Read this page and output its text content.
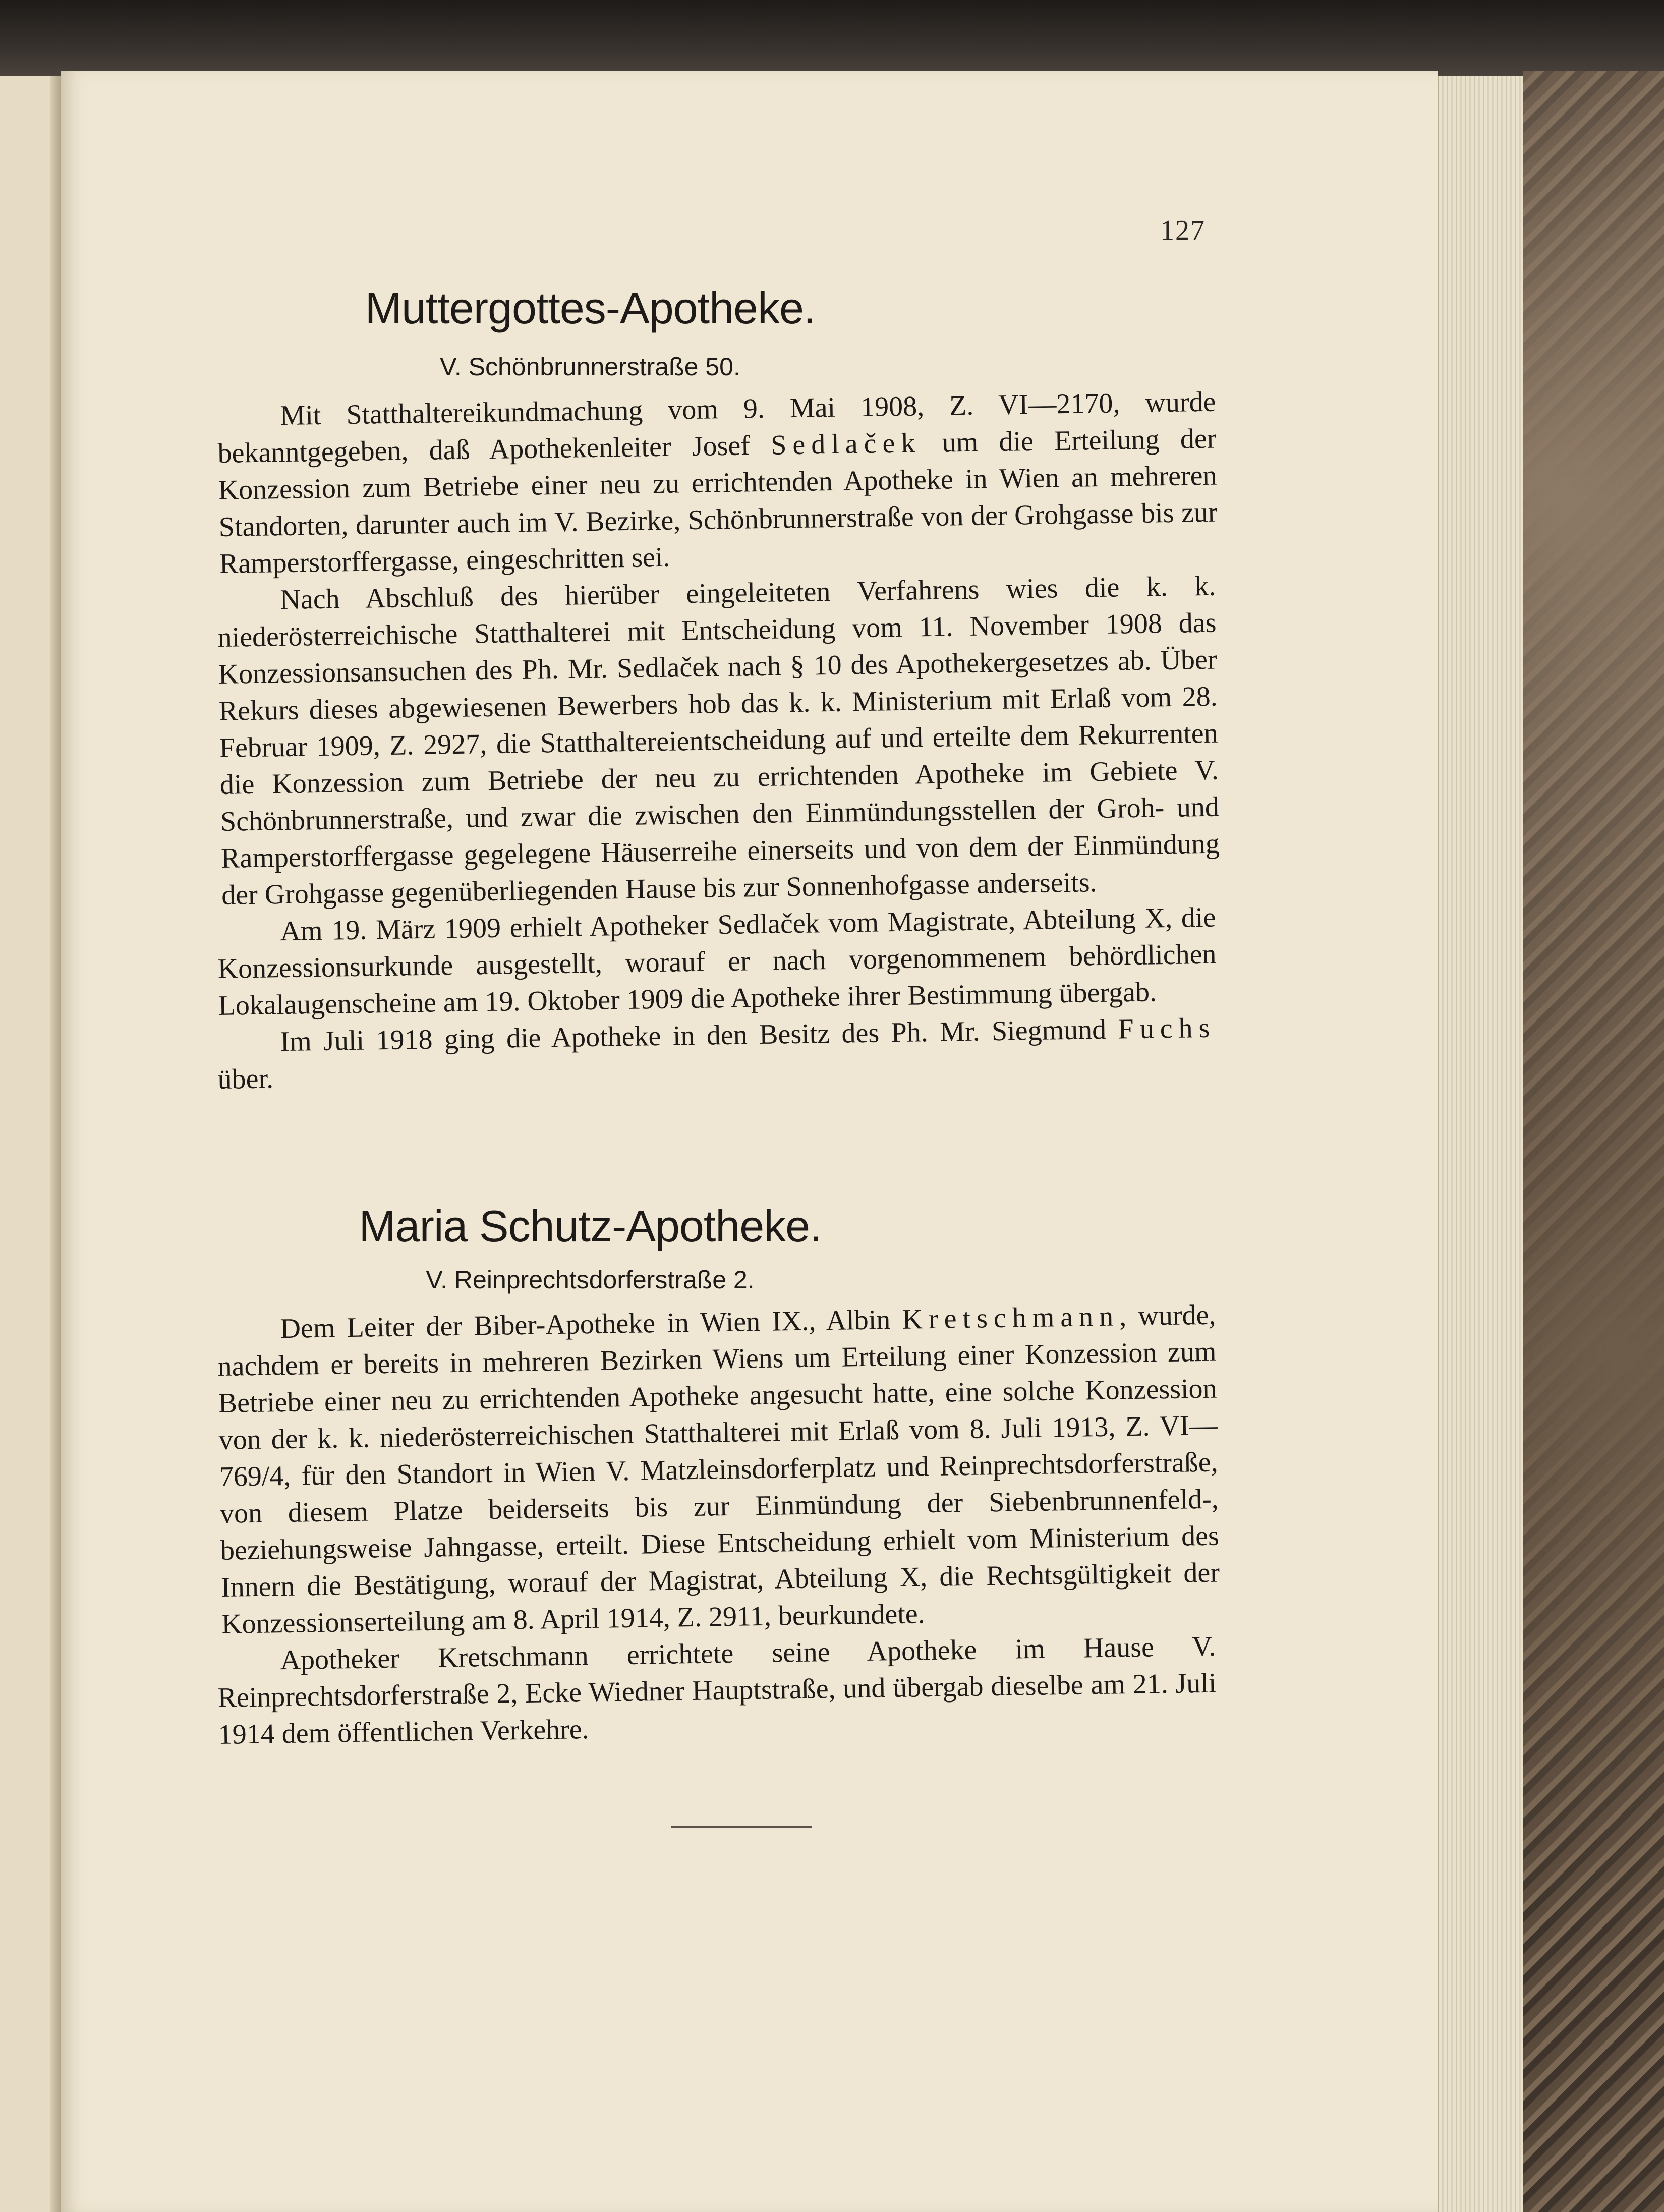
127
Muttergottes-Apotheke.
V. Schönbrunnerstraße 50.

Mit Statthaltereikundmachung vom 9. Mai 1908, Z. VI—2170, wurde bekanntgegeben, daß Apothekenleiter Josef Sedlaček um die Erteilung der Konzession zum Betriebe einer neu zu errichtenden Apotheke in Wien an mehreren Standorten, darunter auch im V. Bezirke, Schönbrunnerstraße von der Grohgasse bis zur Ramperstorffergasse, eingeschritten sei.

Nach Abschluß des hierüber eingeleiteten Verfahrens wies die k. k. niederösterreichische Statthalterei mit Entscheidung vom 11. November 1908 das Konzessionsansuchen des Ph. Mr. Sedlaček nach § 10 des Apothekergesetzes ab. Über Rekurs dieses abgewiesenen Bewerbers hob das k. k. Ministerium mit Erlaß vom 28. Februar 1909, Z. 2927, die Statthaltereientscheidung auf und erteilte dem Rekurrenten die Konzession zum Betriebe der neu zu errichtenden Apotheke im Gebiete V. Schönbrunnerstraße, und zwar die zwischen den Einmündungsstellen der Groh- und Ramperstorffergasse gegelegene Häuserreihe einerseits und von dem der Einmündung der Grohgasse gegenüberliegenden Hause bis zur Sonnenhofgasse anderseits.

Am 19. März 1909 erhielt Apotheker Sedlaček vom Magistrate, Abteilung X, die Konzessionsurkunde ausgestellt, worauf er nach vorgenommenem behördlichen Lokalaugenscheine am 19. Oktober 1909 die Apotheke ihrer Bestimmung übergab.

Im Juli 1918 ging die Apotheke in den Besitz des Ph. Mr. Siegmund Fuchs über.

Maria Schutz-Apotheke.
V. Reinprechtsdorferstraße 2.

Dem Leiter der Biber-Apotheke in Wien IX., Albin Kretschmann, wurde, nachdem er bereits in mehreren Bezirken Wiens um Erteilung einer Konzession zum Betriebe einer neu zu errichtenden Apotheke angesucht hatte, eine solche Konzession von der k. k. niederösterreichischen Statthalterei mit Erlaß vom 8. Juli 1913, Z. VI—769/4, für den Standort in Wien V. Matzleinsdorferplatz und Reinprechtsdorferstraße, von diesem Platze beiderseits bis zur Einmündung der Siebenbrunnenfeld-, beziehungsweise Jahngasse, erteilt. Diese Entscheidung erhielt vom Ministerium des Innern die Bestätigung, worauf der Magistrat, Abteilung X, die Rechtsgültigkeit der Konzessionserteilung am 8. April 1914, Z. 2911, beurkundete.

Apotheker Kretschmann errichtete seine Apotheke im Hause V. Reinprechtsdorferstraße 2, Ecke Wiedner Hauptstraße, und übergab dieselbe am 21. Juli 1914 dem öffentlichen Verkehre.
